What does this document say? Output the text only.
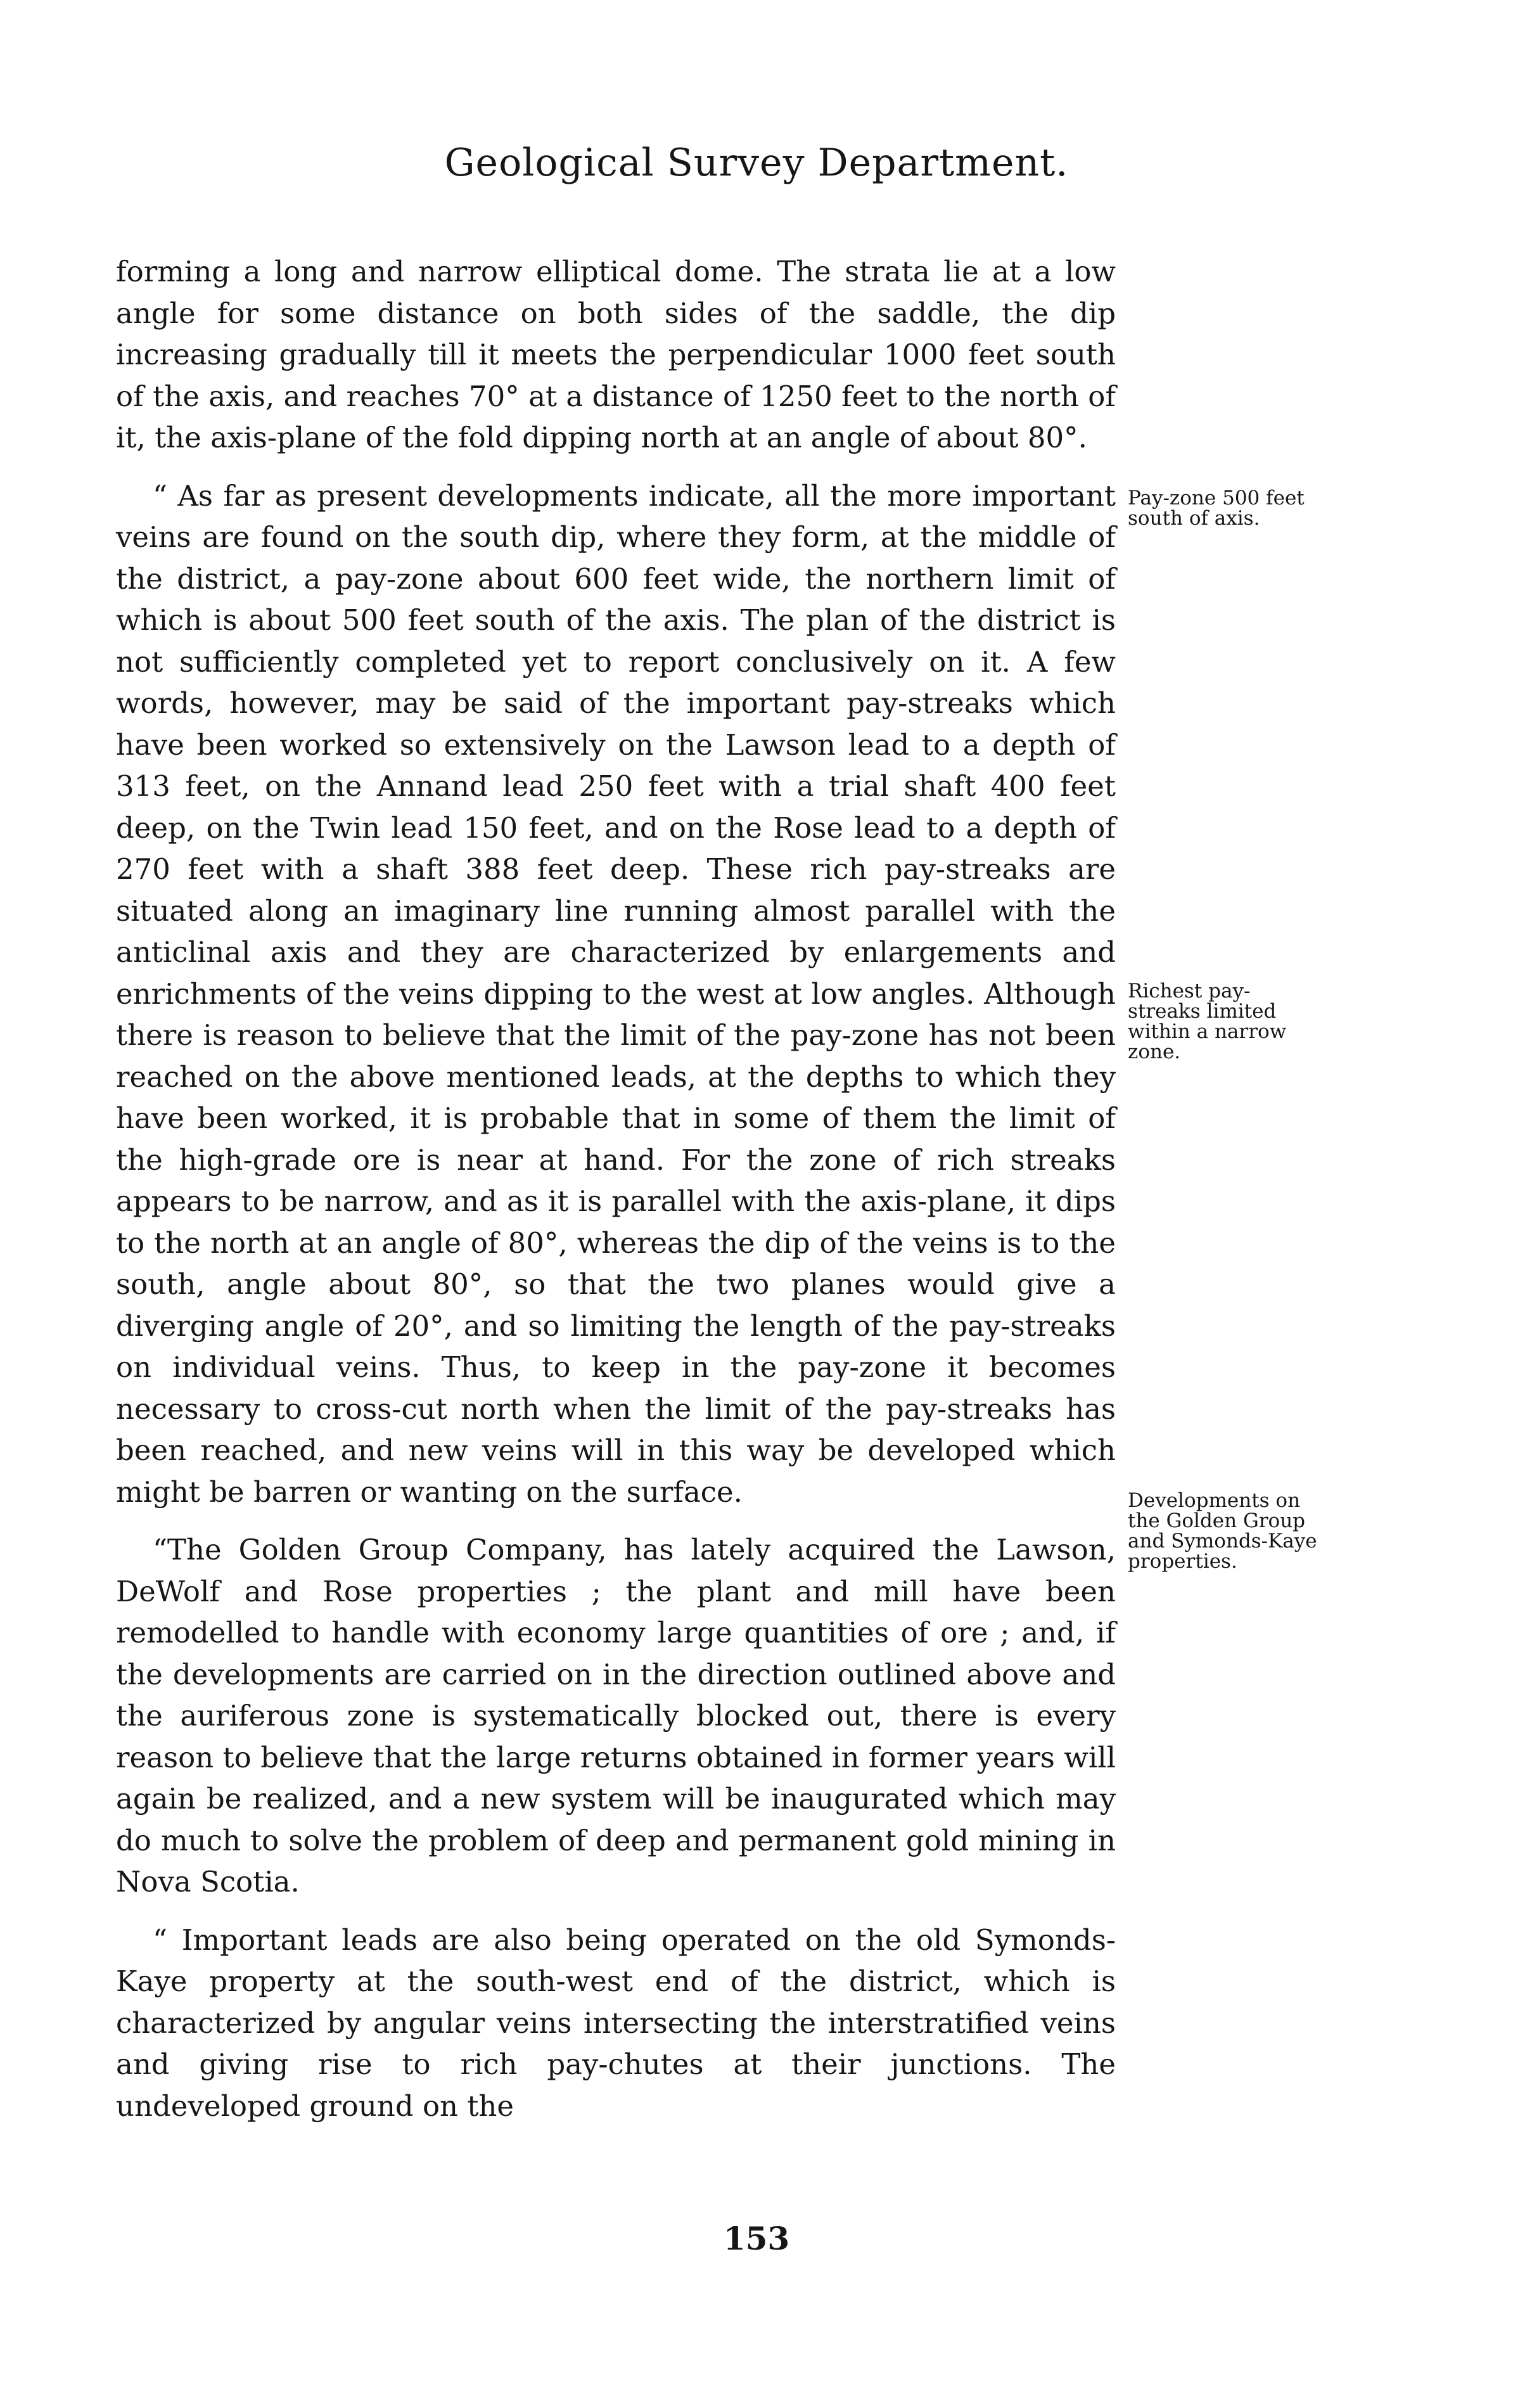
Geological Survey Department.

forming a long and narrow elliptical dome. The strata lie at a low angle for some distance on both sides of the saddle, the dip increasing gradually till it meets the perpendicular 1000 feet south of the axis, and reaches 70° at a distance of 1250 feet to the north of it, the axis-plane of the fold dipping north at an angle of about 80°.

“ As far as present developments indicate, all the more important veins are found on the south dip, where they form, at the middle of the district, a pay-zone about 600 feet wide, the northern limit of which is about 500 feet south of the axis. The plan of the district is not sufficiently completed yet to report conclusively on it. A few words, however, may be said of the important pay-streaks which have been worked so extensively on the Lawson lead to a depth of 313 feet, on the Annand lead 250 feet with a trial shaft 400 feet deep, on the Twin lead 150 feet, and on the Rose lead to a depth of 270 feet with a shaft 388 feet deep. These rich pay-streaks are situated along an imaginary line running almost parallel with the anticlinal axis and they are characterized by enlargements and enrichments of the veins dipping to the west at low angles. Although there is reason to believe that the limit of the pay-zone has not been reached on the above mentioned leads, at the depths to which they have been worked, it is probable that in some of them the limit of the high-grade ore is near at hand. For the zone of rich streaks appears to be narrow, and as it is parallel with the axis-plane, it dips to the north at an angle of 80°, whereas the dip of the veins is to the south, angle about 80°, so that the two planes would give a diverging angle of 20°, and so limiting the length of the pay-streaks on individual veins. Thus, to keep in the pay-zone it becomes necessary to cross-cut north when the limit of the pay-streaks has been reached, and new veins will in this way be developed which might be barren or wanting on the surface.

“The Golden Group Company, has lately acquired the Lawson, DeWolf and Rose properties ; the plant and mill have been remodelled to handle with economy large quantities of ore ; and, if the developments are carried on in the direction outlined above and the auriferous zone is systematically blocked out, there is every reason to believe that the large returns obtained in former years will again be realized, and a new system will be inaugurated which may do much to solve the problem of deep and permanent gold mining in Nova Scotia.

“ Important leads are also being operated on the old Symonds-Kaye property at the south-west end of the district, which is characterized by angular veins intersecting the interstratified veins and giving rise to rich pay-chutes at their junctions. The undeveloped ground on the

Pay-zone 500 feet south of axis.
Richest pay-streaks limited within a narrow zone.
Developments on the Golden Group and Symonds-Kaye properties.
153
